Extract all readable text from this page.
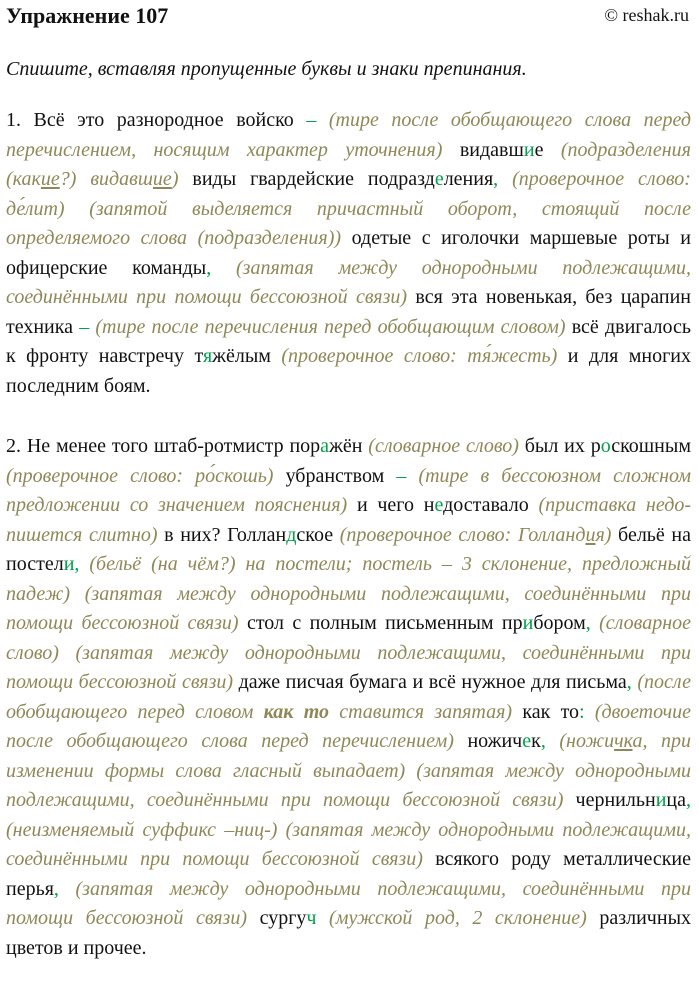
Упражнение 107	© reshak.ru
Спишите, вставляя пропущенные буквы и знаки препинания.

1. Всё это разнородное войско – (тире после обобщающего слова перед перечислением, носящим характер уточнения) видавшие (подразделения (какие?) видавшие) виды гвардейские подразделения, (проверочное слово: де́лит) (запятой выделяется причастный оборот, стоящий после определяемого слова (подразделения)) одетые с иголочки маршевые роты и офицерские команды, (запятая между однородными подлежащими, соединёнными при помощи бессоюзной связи) вся эта новенькая, без царапин техника – (тире после перечисления перед обобщающим словом) всё двигалось к фронту навстречу тяжёлым (проверочное слово: тя́жесть) и для многих последним боям.

2. Не менее того штаб-ротмистр поражён (словарное слово) был их роскошным (проверочное слово: ро́скошь) убранством – (тире в бессоюзном сложном предложении со значением пояснения) и чего недоставало (приставка недо- пишется слитно) в них? Голландское (проверочное слово: Голландия) бельё на постели, (бельё (на чём?) на постели; постель – 3 склонение, предложный падеж) (запятая между однородными подлежащими, соединёнными при помощи бессоюзной связи) стол с полным письменным прибором, (словарное слово) (запятая между однородными подлежащими, соединёнными при помощи бессоюзной связи) даже писчая бумага и всё нужное для письма, (после обобщающего перед словом как то ставится запятая) как то: (двоеточие после обобщающего слова перед перечислением) ножичек, (ножичка, при изменении формы слова гласный выпадает) (запятая между однородными подлежащими, соединёнными при помощи бессоюзной связи) чернильница, (неизменяемый суффикс –ниц-) (запятая между однородными подлежащими, соединёнными при помощи бессоюзной связи) всякого роду металлические перья, (запятая между однородными подлежащими, соединёнными при помощи бессоюзной связи) сургуч (мужской род, 2 склонение) различных цветов и прочее.
